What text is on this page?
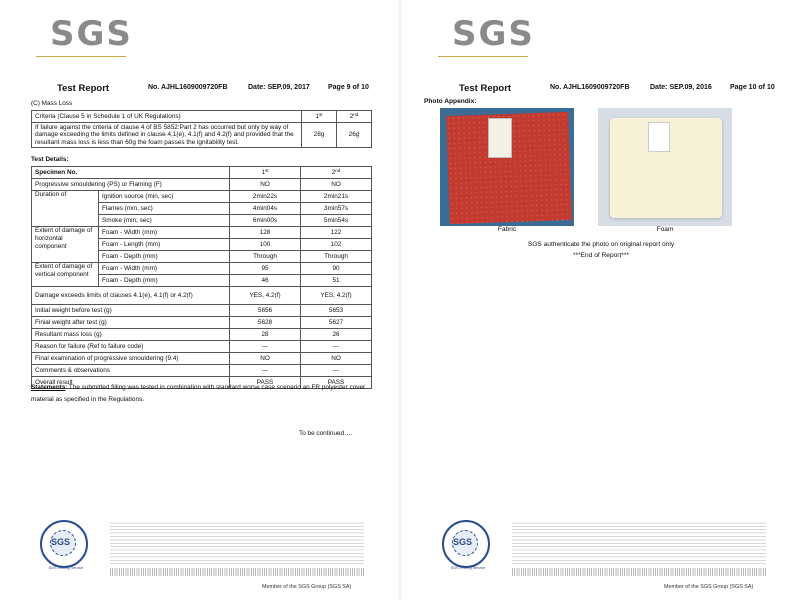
SGS
Test Report	No. AJHL1609009720FB	Date: SEP.09, 2017	Page 9 of 10
(C) Mass Loss
Criteria (Clause 5 in Schedule 1 of UK Regulations)	1st	2nd
If failure against the criteria of clause 4 of BS 5852:Part 2 has occurred but only by way of damage exceeding the limits defined in clause 4.1(e), 4.1(f) and 4.2(f) and provided that the resultant mass loss is less than 60g the foam passes the ignitability test.	28g	26g
Test Details:
Specimen No.		1st	2nd
Progressive smouldering (PS) or Flaming (F)		NO	NO
Duration of	Ignition source (min, sec)	2min22s	2min21s
	Flames (min, sec)	4min04s	3min57s
	Smoke (min, sec)	6min00s	5min54s
Extent of damage of horizontal component	Foam - Width (mm)	128	122
	Foam - Length (mm)	100	102
	Foam - Depth (mm)	Through	Through
Extent of damage of vertical component	Foam - Width (mm)	95	90
	Foam - Depth (mm)	46	51
Damage exceeds limits of clauses 4.1(e), 4.1(f) or 4.2(f)		YES, 4.2(f)	YES, 4.2(f)
Initial weight before test (g)		5656	5653
Finial weight after test (g)		5628	5627
Resultant mass loss (g)		28	26
Reason for failure (Ref to failure code)		---	---
Final examination of progressive smouldering (9.4)		NO	NO
Comments & observations		---	---
Overall result		PASS	PASS
Statements: The submitted filling was tested in combination with standard worse case scenario an FR polyester cover material as specified in the Regulations.
To be continued….
SGS
SGS Testing Service
Member of the SGS Group (SGS SA)
SGS
Test Report	No. AJHL1609009720FB	Date: SEP.09, 2016	Page 10 of 10
Photo Appendix:
Fabric	Foam
SGS authenticate the photo on original report only
***End of Report***
SGS
SGS Testing Service
Member of the SGS Group (SGS SA)
